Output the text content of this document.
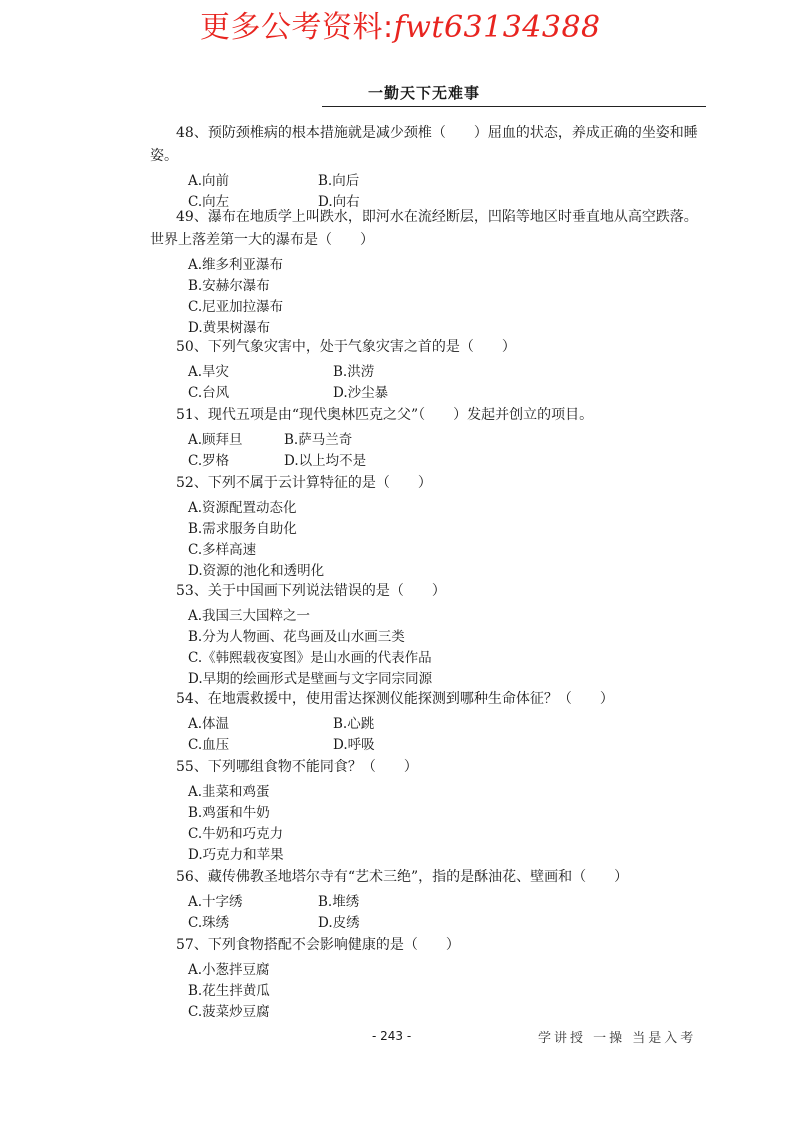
更多公考资料:fwt63134388
一勤天下无难事

48、预防颈椎病的根本措施就是减少颈椎（　　）屈血的状态，养成正确的坐姿和睡姿。

A.向前	B.向后
C.向左	D.向右

49、瀑布在地质学上叫跌水，即河水在流经断层，凹陷等地区时垂直地从高空跌落。世界上落差第一大的瀑布是（　　）

A.维多利亚瀑布
B.安赫尔瀑布
C.尼亚加拉瀑布
D.黄果树瀑布

50、下列气象灾害中，处于气象灾害之首的是（　　）

A.旱灾	B.洪涝
C.台风	D.沙尘暴

51、现代五项是由“现代奥林匹克之父”（　　）发起并创立的项目。

A.顾拜旦	B.萨马兰奇
C.罗格	D.以上均不是

52、下列不属于云计算特征的是（　　）

A.资源配置动态化
B.需求服务自助化
C.多样高速
D.资源的池化和透明化

53、关于中国画下列说法错误的是（　　）

A.我国三大国粹之一
B.分为人物画、花鸟画及山水画三类
C.《韩熙载夜宴图》是山水画的代表作品
D.早期的绘画形式是壁画与文字同宗同源

54、在地震救援中，使用雷达探测仪能探测到哪种生命体征？（　　）

A.体温	B.心跳
C.血压	D.呼吸

55、下列哪组食物不能同食？（　　）

A.韭菜和鸡蛋
B.鸡蛋和牛奶
C.牛奶和巧克力
D.巧克力和苹果

56、藏传佛教圣地塔尔寺有“艺术三绝”，指的是酥油花、壁画和（　　）

A.十字绣	B.堆绣
C.珠绣	D.皮绣

57、下列食物搭配不会影响健康的是（　　）

A.小葱拌豆腐
B.花生拌黄瓜
C.菠菜炒豆腐
- 243 -	学讲授 一操 当是入考
